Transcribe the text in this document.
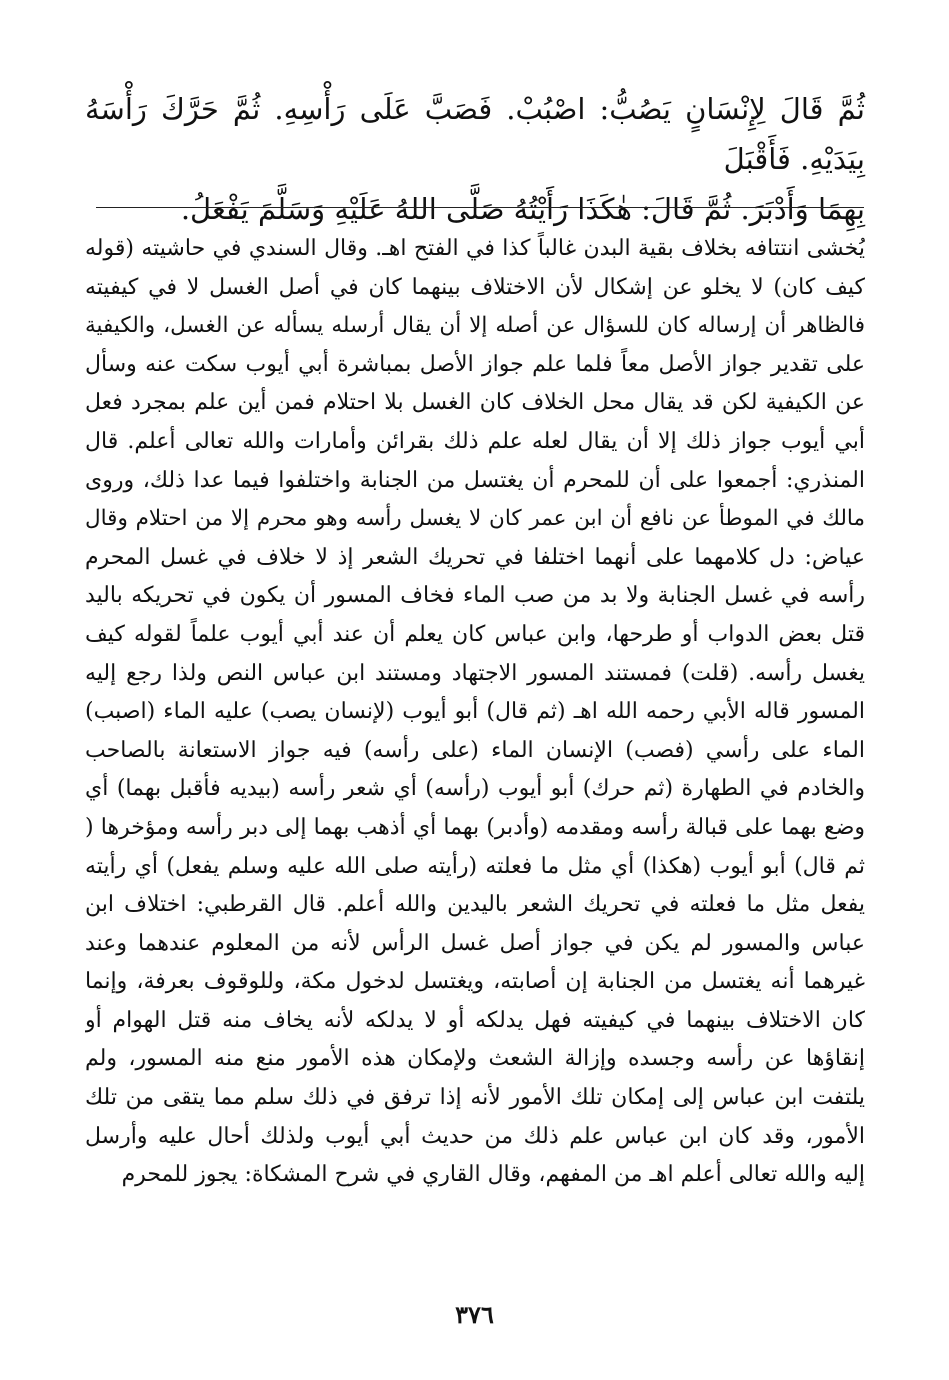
ثُمَّ قَالَ لِإِنْسَانٍ يَصُبُّ: اصْبُبْ. فَصَبَّ عَلَى رَأْسِهِ. ثُمَّ حَرَّكَ رَأْسَهُ بِيَدَيْهِ. فَأَقْبَلَ

بِهِمَا وَأَدْبَرَ. ثُمَّ قَالَ: هٰكَذَا رَأَيْتُهُ صَلَّى اللهُ عَلَيْهِ وَسَلَّمَ يَفْعَلُ.

يُخشى انتتافه بخلاف بقية البدن غالباً كذا في الفتح اهـ. وقال السندي في حاشيته (قوله
كيف كان) لا يخلو عن إشكال لأن الاختلاف بينهما كان في أصل الغسل لا في كيفيته
فالظاهر أن إرساله كان للسؤال عن أصله إلا أن يقال أرسله يسأله عن الغسل، والكيفية
على تقدير جواز الأصل معاً فلما علم جواز الأصل بمباشرة أبي أيوب سكت عنه وسأل
عن الكيفية لكن قد يقال محل الخلاف كان الغسل بلا احتلام فمن أين علم بمجرد فعل
أبي أيوب جواز ذلك إلا أن يقال لعله علم ذلك بقرائن وأمارات والله تعالى أعلم. قال
المنذري: أجمعوا على أن للمحرم أن يغتسل من الجنابة واختلفوا فيما عدا ذلك، وروى
مالك في الموطأ عن نافع أن ابن عمر كان لا يغسل رأسه وهو محرم إلا من احتلام وقال
عياض: دل كلامهما على أنهما اختلفا في تحريك الشعر إذ لا خلاف في غسل المحرم
رأسه في غسل الجنابة ولا بد من صب الماء فخاف المسور أن يكون في تحريكه باليد
قتل بعض الدواب أو طرحها، وابن عباس كان يعلم أن عند أبي أيوب علماً لقوله كيف
يغسل رأسه. (قلت) فمستند المسور الاجتهاد ومستند ابن عباس النص ولذا رجع إليه
المسور قاله الأبي رحمه الله اهـ (ثم قال) أبو أيوب (لإنسان يصب) عليه الماء (اصبب)
الماء على رأسي (فصب) الإنسان الماء (على رأسه) فيه جواز الاستعانة بالصاحب
والخادم في الطهارة (ثم حرك) أبو أيوب (رأسه) أي شعر رأسه (بيديه فأقبل بهما) أي
وضع بهما على قبالة رأسه ومقدمه (وأدبر) بهما أي أذهب بهما إلى دبر رأسه ومؤخرها (
ثم قال) أبو أيوب (هكذا) أي مثل ما فعلته (رأيته صلى الله عليه وسلم يفعل) أي رأيته
يفعل مثل ما فعلته في تحريك الشعر باليدين والله أعلم. قال القرطبي: اختلاف ابن
عباس والمسور لم يكن في جواز أصل غسل الرأس لأنه من المعلوم عندهما وعند
غيرهما أنه يغتسل من الجنابة إن أصابته، ويغتسل لدخول مكة، وللوقوف بعرفة، وإنما
كان الاختلاف بينهما في كيفيته فهل يدلكه أو لا يدلكه لأنه يخاف منه قتل الهوام أو
إنقاؤها عن رأسه وجسده وإزالة الشعث ولإمكان هذه الأمور منع منه المسور، ولم
يلتفت ابن عباس إلى إمكان تلك الأمور لأنه إذا ترفق في ذلك سلم مما يتقى من تلك
الأمور، وقد كان ابن عباس علم ذلك من حديث أبي أيوب ولذلك أحال عليه وأرسل
إليه والله تعالى أعلم اهـ من المفهم، وقال القاري في شرح المشكاة: يجوز للمحرم
٣٧٦
